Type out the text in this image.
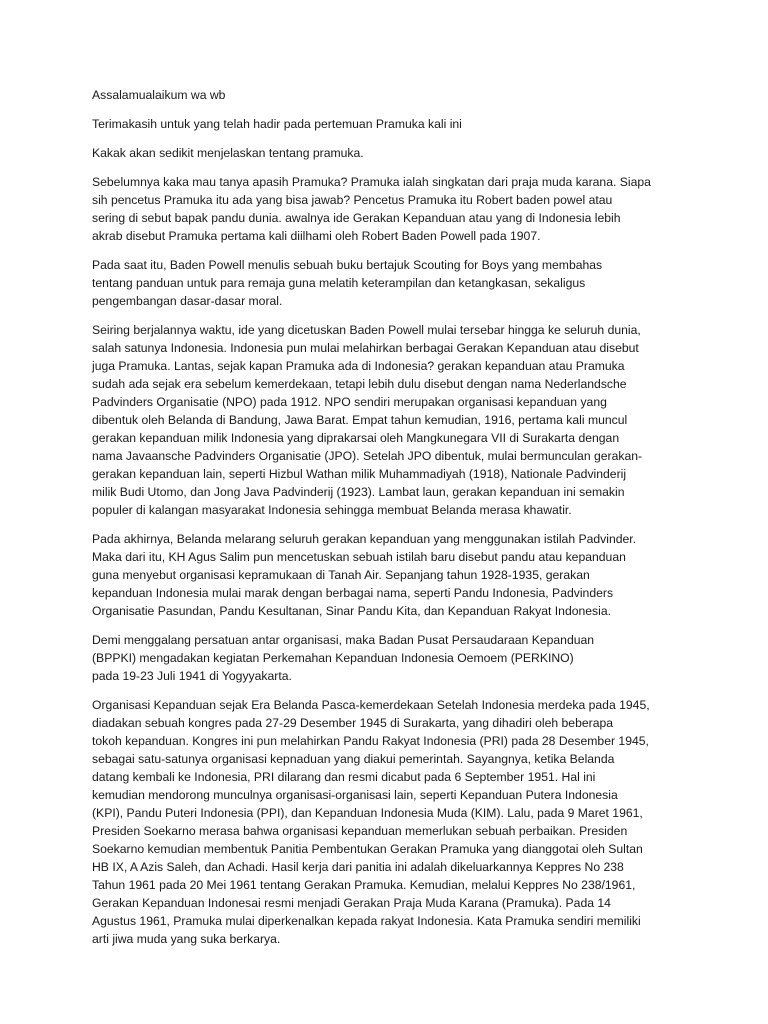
Assalamualaikum wa wb

Terimakasih untuk yang telah hadir pada pertemuan Pramuka kali ini

Kakak akan sedikit menjelaskan tentang pramuka.

Sebelumnya kaka mau tanya apasih Pramuka? Pramuka ialah singkatan dari praja muda karana. Siapa
sih pencetus Pramuka itu ada yang bisa jawab? Pencetus Pramuka itu Robert baden powel atau
sering di sebut bapak pandu dunia. awalnya ide Gerakan Kepanduan atau yang di Indonesia lebih
akrab disebut Pramuka pertama kali diilhami oleh Robert Baden Powell pada 1907.

Pada saat itu, Baden Powell menulis sebuah buku bertajuk Scouting for Boys yang membahas
tentang panduan untuk para remaja guna melatih keterampilan dan ketangkasan, sekaligus
pengembangan dasar-dasar moral.

Seiring berjalannya waktu, ide yang dicetuskan Baden Powell mulai tersebar hingga ke seluruh dunia,
salah satunya Indonesia. Indonesia pun mulai melahirkan berbagai Gerakan Kepanduan atau disebut
juga Pramuka. Lantas, sejak kapan Pramuka ada di Indonesia? gerakan kepanduan atau Pramuka
sudah ada sejak era sebelum kemerdekaan, tetapi lebih dulu disebut dengan nama Nederlandsche
Padvinders Organisatie (NPO) pada 1912. NPO sendiri merupakan organisasi kepanduan yang
dibentuk oleh Belanda di Bandung, Jawa Barat. Empat tahun kemudian, 1916, pertama kali muncul
gerakan kepanduan milik Indonesia yang diprakarsai oleh Mangkunegara VII di Surakarta dengan
nama Javaansche Padvinders Organisatie (JPO). Setelah JPO dibentuk, mulai bermunculan gerakan-
gerakan kepanduan lain, seperti Hizbul Wathan milik Muhammadiyah (1918), Nationale Padvinderij
milik Budi Utomo, dan Jong Java Padvinderij (1923). Lambat laun, gerakan kepanduan ini semakin
populer di kalangan masyarakat Indonesia sehingga membuat Belanda merasa khawatir.

Pada akhirnya, Belanda melarang seluruh gerakan kepanduan yang menggunakan istilah Padvinder.
Maka dari itu, KH Agus Salim pun mencetuskan sebuah istilah baru disebut pandu atau kepanduan
guna menyebut organisasi kepramukaan di Tanah Air. Sepanjang tahun 1928-1935, gerakan
kepanduan Indonesia mulai marak dengan berbagai nama, seperti Pandu Indonesia, Padvinders
Organisatie Pasundan, Pandu Kesultanan, Sinar Pandu Kita, dan Kepanduan Rakyat Indonesia.

Demi menggalang persatuan antar organisasi, maka Badan Pusat Persaudaraan Kepanduan
(BPPKI) mengadakan kegiatan Perkemahan Kepanduan Indonesia Oemoem (PERKINO)
pada 19-23 Juli 1941 di Yogyyakarta.

Organisasi Kepanduan sejak Era Belanda Pasca-kemerdekaan Setelah Indonesia merdeka pada 1945,
diadakan sebuah kongres pada 27-29 Desember 1945 di Surakarta, yang dihadiri oleh beberapa
tokoh kepanduan. Kongres ini pun melahirkan Pandu Rakyat Indonesia (PRI) pada 28 Desember 1945,
sebagai satu-satunya organisasi kepnaduan yang diakui pemerintah. Sayangnya, ketika Belanda
datang kembali ke Indonesia, PRI dilarang dan resmi dicabut pada 6 September 1951. Hal ini
kemudian mendorong munculnya organisasi-organisasi lain, seperti Kepanduan Putera Indonesia
(KPI), Pandu Puteri Indonesia (PPI), dan Kepanduan Indonesia Muda (KIM). Lalu, pada 9 Maret 1961,
Presiden Soekarno merasa bahwa organisasi kepanduan memerlukan sebuah perbaikan. Presiden
Soekarno kemudian membentuk Panitia Pembentukan Gerakan Pramuka yang dianggotai oleh Sultan
HB IX, A Azis Saleh, dan Achadi. Hasil kerja dari panitia ini adalah dikeluarkannya Keppres No 238
Tahun 1961 pada 20 Mei 1961 tentang Gerakan Pramuka. Kemudian, melalui Keppres No 238/1961,
Gerakan Kepanduan Indonesai resmi menjadi Gerakan Praja Muda Karana (Pramuka). Pada 14
Agustus 1961, Pramuka mulai diperkenalkan kepada rakyat Indonesia. Kata Pramuka sendiri memiliki
arti jiwa muda yang suka berkarya.
